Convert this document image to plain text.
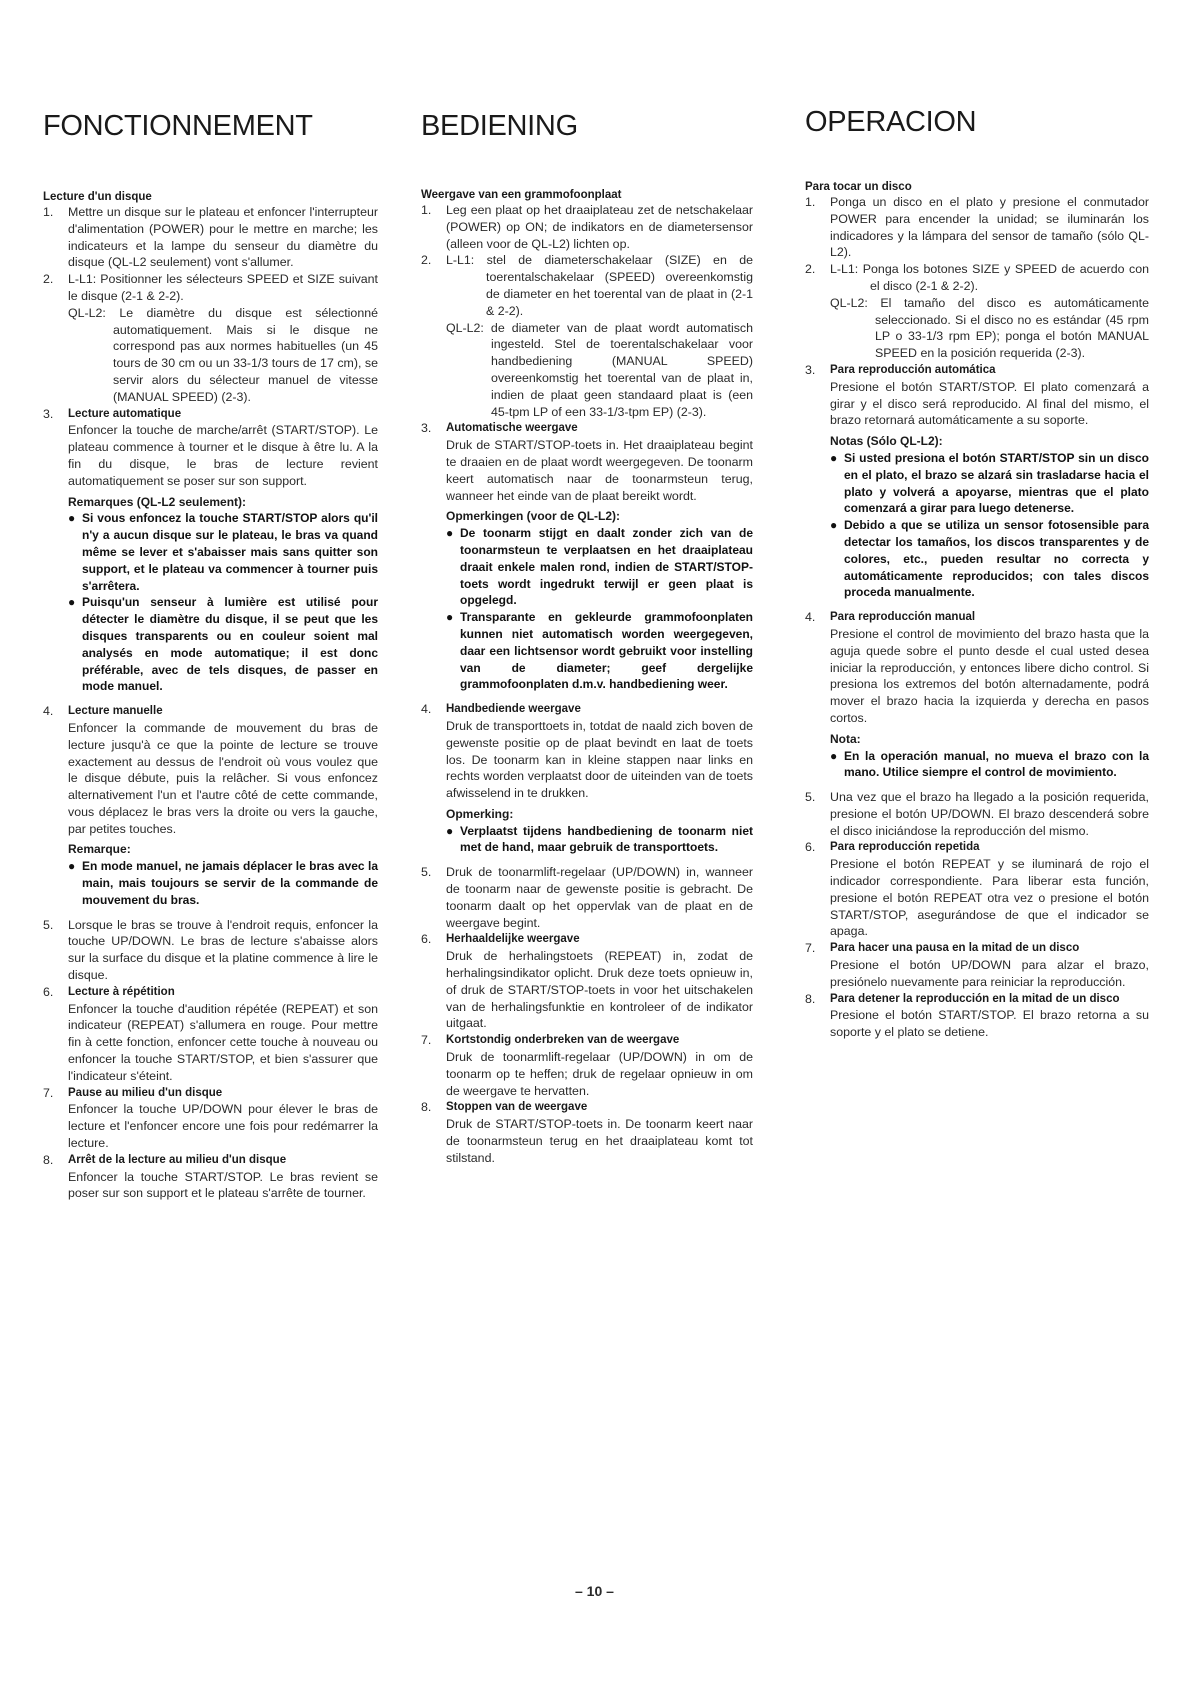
FONCTIONNEMENT
Lecture d'un disque
1.	Mettre un disque sur le plateau et enfoncer l'interrupteur d'alimentation (POWER) pour le mettre en marche; les indicateurs et la lampe du senseur du diamètre du disque (QL-L2 seulement) vont s'allumer.

2.	L-L1: Positionner les sélecteurs SPEED et SIZE suivant le disque (2-1 & 2-2).

QL-L2: Le diamètre du disque est sélectionné automatiquement. Mais si le disque ne correspond pas aux normes habituelles (un 45 tours de 30 cm ou un 33-1/3 tours de 17 cm), se servir alors du sélecteur manuel de vitesse (MANUAL SPEED) (2-3).

3.	Lecture automatique

Enfoncer la touche de marche/arrêt (START/STOP). Le plateau commence à tourner et le disque à être lu. A la fin du disque, le bras de lecture revient automatiquement se poser sur son support.

Remarques (QL-L2 seulement):

● Si vous enfoncez la touche START/STOP alors qu'il n'y a aucun disque sur le plateau, le bras va quand même se lever et s'abaisser mais sans quitter son support, et le plateau va commencer à tourner puis s'arrêtera.
● Puisqu'un senseur à lumière est utilisé pour détecter le diamètre du disque, il se peut que les disques transparents ou en couleur soient mal analysés en mode automatique; il est donc préférable, avec de tels disques, de passer en mode manuel.
4.	Lecture manuelle

Enfoncer la commande de mouvement du bras de lecture jusqu'à ce que la pointe de lecture se trouve exactement au dessus de l'endroit où vous voulez que le disque débute, puis la relâcher. Si vous enfoncez alternativement l'un et l'autre côté de cette commande, vous déplacez le bras vers la droite ou vers la gauche, par petites touches.

Remarque:

● En mode manuel, ne jamais déplacer le bras avec la main, mais toujours se servir de la commande de mouvement du bras.
5.	Lorsque le bras se trouve à l'endroit requis, enfoncer la touche UP/DOWN. Le bras de lecture s'abaisse alors sur la surface du disque et la platine commence à lire le disque.

6.	Lecture à répétition

Enfoncer la touche d'audition répétée (REPEAT) et son indicateur (REPEAT) s'allumera en rouge. Pour mettre fin à cette fonction, enfoncer cette touche à nouveau ou enfoncer la touche START/STOP, et bien s'assurer que l'indicateur s'éteint.

7.	Pause au milieu d'un disque

Enfoncer la touche UP/DOWN pour élever le bras de lecture et l'enfoncer encore une fois pour redémarrer la lecture.

8.	Arrêt de la lecture au milieu d'un disque

Enfoncer la touche START/STOP. Le bras revient se poser sur son support et le plateau s'arrête de tourner.

BEDIENING
Weergave van een grammofoonplaat
1.	Leg een plaat op het draaiplateau zet de netschakelaar (POWER) op ON; de indikators en de diametersensor (alleen voor de QL-L2) lichten op.

2.	L-L1: stel de diameterschakelaar (SIZE) en de toerentalschakelaar (SPEED) overeenkomstig de diameter en het toerental van de plaat in (2-1 & 2-2).

QL-L2: de diameter van de plaat wordt automatisch ingesteld. Stel de toerentalschakelaar voor handbediening (MANUAL SPEED) overeenkomstig het toerental van de plaat in, indien de plaat geen standaard plaat is (een 45-tpm LP of een 33-1/3-tpm EP) (2-3).

3.	Automatische weergave

Druk de START/STOP-toets in. Het draaiplateau begint te draaien en de plaat wordt weergegeven. De toonarm keert automatisch naar de toonarmsteun terug, wanneer het einde van de plaat bereikt wordt.

Opmerkingen (voor de QL-L2):

● De toonarm stijgt en daalt zonder zich van de toonarmsteun te verplaatsen en het draaiplateau draait enkele malen rond, indien de START/STOP-toets wordt ingedrukt terwijl er geen plaat is opgelegd.
● Transparante en gekleurde grammofoonplaten kunnen niet automatisch worden weergegeven, daar een lichtsensor wordt gebruikt voor instelling van de diameter; geef dergelijke grammofoonplaten d.m.v. handbediening weer.
4.	Handbediende weergave

Druk de transporttoets in, totdat de naald zich boven de gewenste positie op de plaat bevindt en laat de toets los. De toonarm kan in kleine stappen naar links en rechts worden verplaatst door de uiteinden van de toets afwisselend in te drukken.

Opmerking:

● Verplaatst tijdens handbediening de toonarm niet met de hand, maar gebruik de transporttoets.
5.	Druk de toonarmlift-regelaar (UP/DOWN) in, wanneer de toonarm naar de gewenste positie is gebracht. De toonarm daalt op het oppervlak van de plaat en de weergave begint.

6.	Herhaaldelijke weergave

Druk de herhalingstoets (REPEAT) in, zodat de herhalingsindikator oplicht. Druk deze toets opnieuw in, of druk de START/STOP-toets in voor het uitschakelen van de herhalingsfunktie en kontroleer of de indikator uitgaat.

7.	Kortstondig onderbreken van de weergave

Druk de toonarmlift-regelaar (UP/DOWN) in om de toonarm op te heffen; druk de regelaar opnieuw in om de weergave te hervatten.

8.	Stoppen van de weergave

Druk de START/STOP-toets in. De toonarm keert naar de toonarmsteun terug en het draaiplateau komt tot stilstand.

OPERACION
Para tocar un disco
1.	Ponga un disco en el plato y presione el conmutador POWER para encender la unidad; se iluminarán los indicadores y la lámpara del sensor de tamaño (sólo QL-L2).

2.	L-L1: Ponga los botones SIZE y SPEED de acuerdo con el disco (2-1 & 2-2).

QL-L2: El tamaño del disco es automáticamente seleccionado. Si el disco no es estándar (45 rpm LP o 33-1/3 rpm EP); ponga el botón MANUAL SPEED en la posición requerida (2-3).

3.	Para reproducción automática

Presione el botón START/STOP. El plato comenzará a girar y el disco será reproducido. Al final del mismo, el brazo retornará automáticamente a su soporte.

Notas (Sólo QL-L2):

● Si usted presiona el botón START/STOP sin un disco en el plato, el brazo se alzará sin trasladarse hacia el plato y volverá a apoyarse, mientras que el plato comenzará a girar para luego detenerse.
● Debido a que se utiliza un sensor fotosensible para detectar los tamaños, los discos transparentes y de colores, etc., pueden resultar no correcta y automáticamente reproducidos; con tales discos proceda manualmente.
4.	Para reproducción manual

Presione el control de movimiento del brazo hasta que la aguja quede sobre el punto desde el cual usted desea iniciar la reproducción, y entonces libere dicho control. Si presiona los extremos del botón alternadamente, podrá mover el brazo hacia la izquierda y derecha en pasos cortos.

Nota:

● En la operación manual, no mueva el brazo con la mano. Utilice siempre el control de movimiento.
5.	Una vez que el brazo ha llegado a la posición requerida, presione el botón UP/DOWN. El brazo descenderá sobre el disco iniciándose la reproducción del mismo.

6.	Para reproducción repetida

Presione el botón REPEAT y se iluminará de rojo el indicador correspondiente. Para liberar esta función, presione el botón REPEAT otra vez o presione el botón START/STOP, asegurándose de que el indicador se apaga.

7.	Para hacer una pausa en la mitad de un disco

Presione el botón UP/DOWN para alzar el brazo, presiónelo nuevamente para reiniciar la reproducción.

8.	Para detener la reproducción en la mitad de un disco

Presione el botón START/STOP. El brazo retorna a su soporte y el plato se detiene.

– 10 –
